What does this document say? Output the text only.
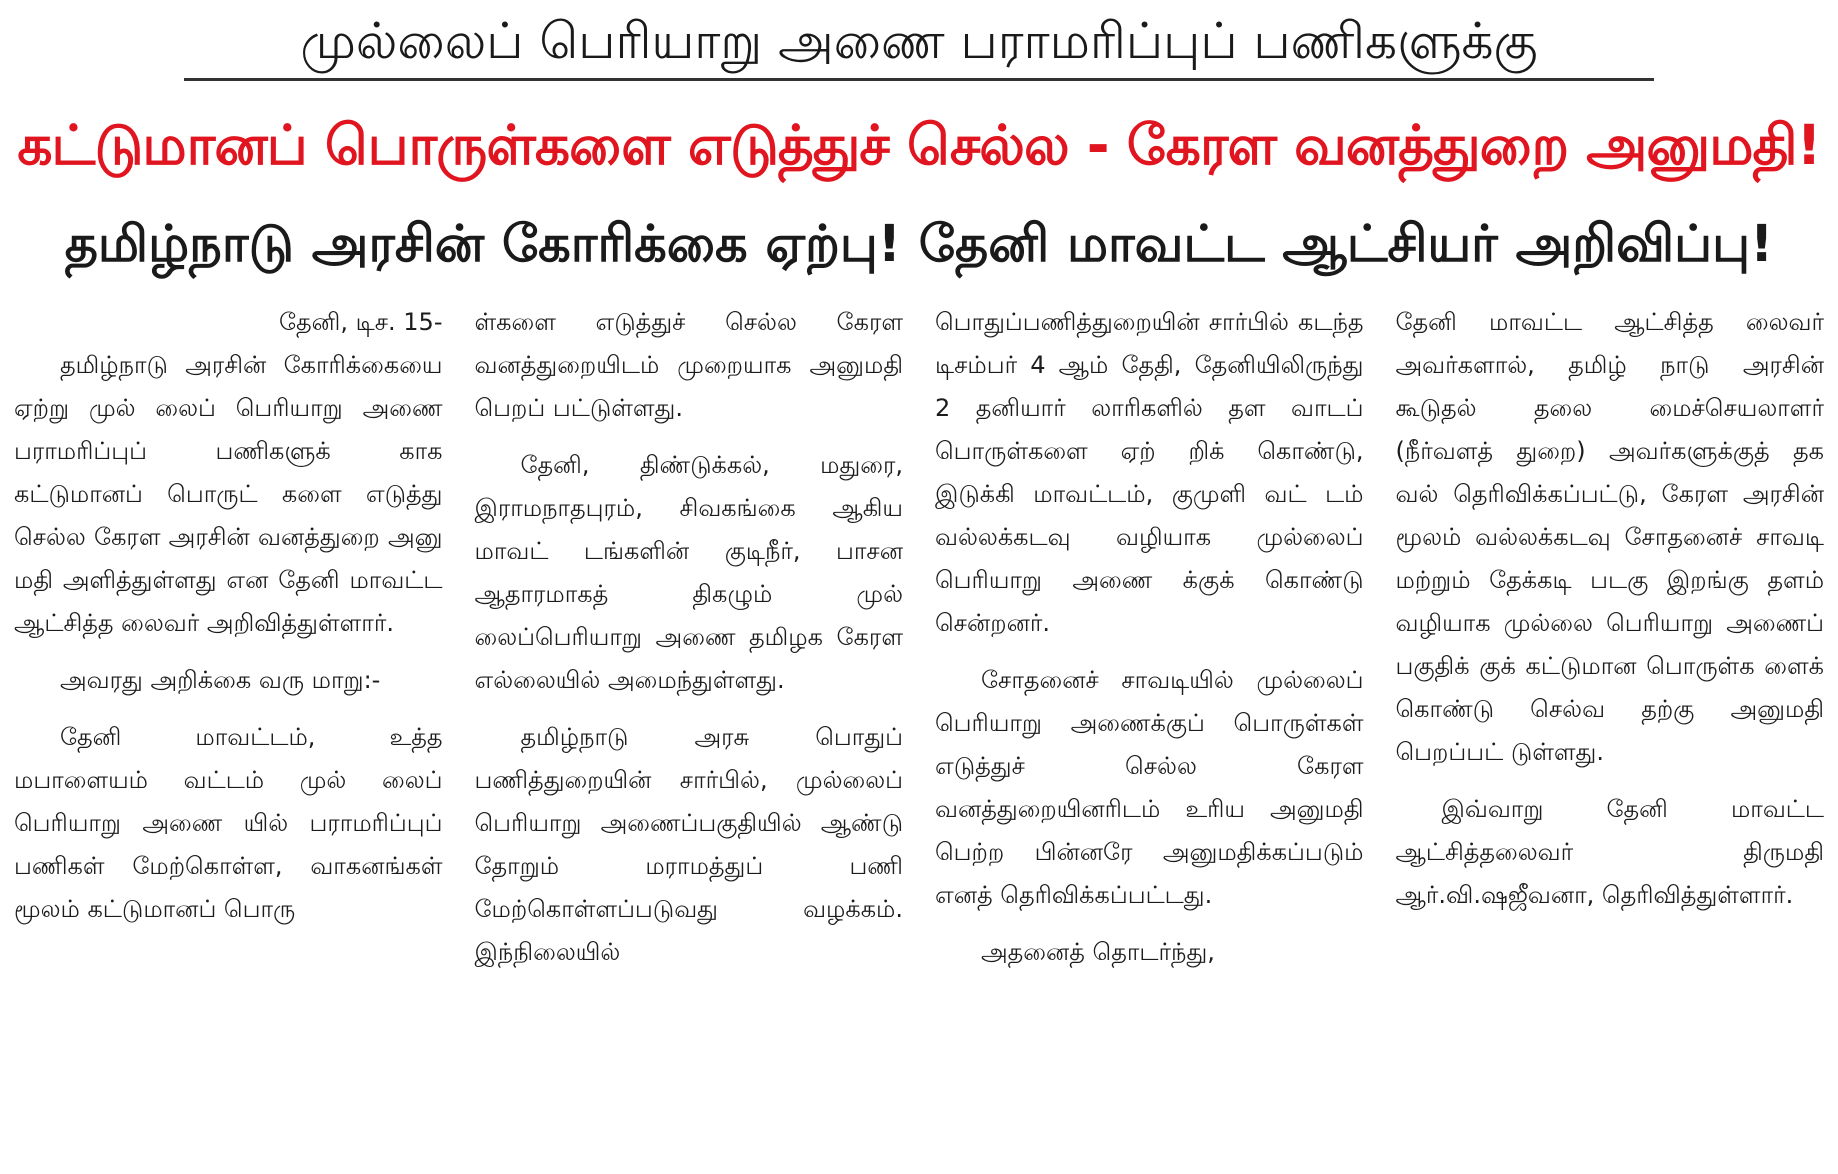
முல்லைப் பெரியாறு அணை பராமரிப்புப் பணிகளுக்கு
கட்டுமானப் பொருள்களை எடுத்துச் செல்ல - கேரள வனத்துறை அனுமதி!
தமிழ்நாடு அரசின் கோரிக்கை ஏற்பு! தேனி மாவட்ட ஆட்சியர் அறிவிப்பு!

தேனி, டிச. 15-

தமிழ்நாடு அரசின் கோரிக்கையை ஏற்று முல் லைப் பெரியாறு அணை பராமரிப்புப் பணிகளுக் காக கட்டுமானப் பொருட் களை எடுத்து செல்ல கேரள அரசின் வனத்துறை அனு மதி அளித்துள்ளது என தேனி மாவட்ட ஆட்சித்த லைவர் அறிவித்துள்ளார்.

அவரது அறிக்கை வரு மாறு:-

தேனி மாவட்டம், உத்த மபாளையம் வட்டம் முல் லைப் பெரியாறு அணை யில் பராமரிப்புப் பணிகள் மேற்கொள்ள, வாகனங்கள் மூலம் கட்டுமானப் பொரு

ள்களை எடுத்துச் செல்ல கேரள வனத்துறையிடம் முறையாக அனுமதி பெறப் பட்டுள்ளது.

தேனி, திண்டுக்கல், மதுரை, இராமநாதபுரம், சிவகங்கை ஆகிய மாவட் டங்களின் குடிநீர், பாசன ஆதாரமாகத் திகழும் முல் லைப்பெரியாறு அணை தமிழக கேரள எல்லையில் அமைந்துள்ளது.

தமிழ்நாடு அரசு பொதுப் பணித்துறையின் சார்பில், முல்லைப் பெரியாறு அணைப்பகுதியில் ஆண்டு தோறும் மராமத்துப் பணி மேற்கொள்ளப்படுவது வழக்கம். இந்நிலையில்

பொதுப்பணித்துறையின் சார்பில் கடந்த டிசம்பர் 4 ஆம் தேதி, தேனியிலிருந்து 2 தனியார் லாரிகளில் தள வாடப் பொருள்களை ஏற் றிக் கொண்டு, இடுக்கி மாவட்டம், குமுளி வட் டம் வல்லக்கடவு வழியாக முல்லைப் பெரியாறு அணை க்குக் கொண்டு சென்றனர்.

சோதனைச் சாவடியில் முல்லைப் பெரியாறு அணைக்குப் பொருள்கள் எடுத்துச் செல்ல கேரள வனத்துறையினரிடம் உரிய அனுமதி பெற்ற பின்னரே அனுமதிக்கப்படும் எனத் தெரிவிக்கப்பட்டது.

அதனைத் தொடர்ந்து,

தேனி மாவட்ட ஆட்சித்த லைவர் அவர்களால், தமிழ் நாடு அரசின் கூடுதல் தலை மைச்செயலாளர் (நீர்வளத் துறை) அவர்களுக்குத் தக வல் தெரிவிக்கப்பட்டு, கேரள அரசின் மூலம் வல்லக்கடவு சோதனைச் சாவடி மற்றும் தேக்கடி படகு இறங்கு தளம் வழியாக முல்லை பெரியாறு அணைப் பகுதிக் குக் கட்டுமான பொருள்க ளைக் கொண்டு செல்வ தற்கு அனுமதி பெறப்பட் டுள்ளது.

இவ்வாறு தேனி மாவட்ட ஆட்சித்தலைவர் திருமதி ஆர்.வி.ஷஜீவனா, தெரிவித்துள்ளார்.
